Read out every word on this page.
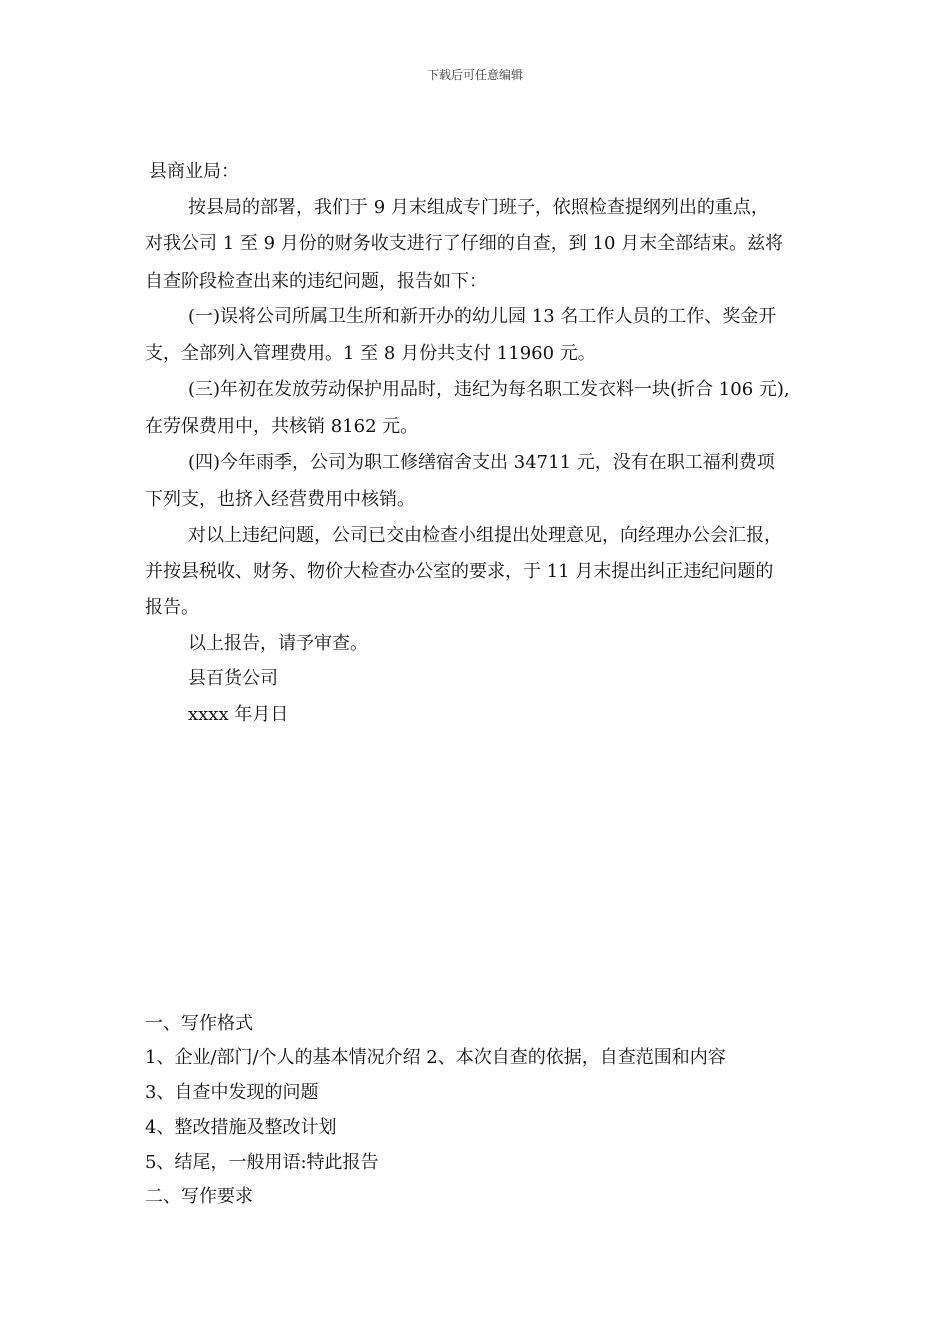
下载后可任意编辑
县商业局：
按县局的部署，我们于 9 月末组成专门班子，依照检查提纲列出的重点，
对我公司 1 至 9 月份的财务收支进行了仔细的自查，到 10 月末全部结束。兹将
自查阶段检查出来的违纪问题，报告如下：
(一)误将公司所属卫生所和新开办的幼儿园 13 名工作人员的工作、奖金开
支，全部列入管理费用。1 至 8 月份共支付 11960 元。
(三)年初在发放劳动保护用品时，违纪为每名职工发衣料一块(折合 106 元),
在劳保费用中，共核销 8162 元。
(四)今年雨季，公司为职工修缮宿舍支出 34711 元，没有在职工福利费项
下列支，也挤入经营费用中核销。
对以上违纪问题，公司已交由检查小组提出处理意见，向经理办公会汇报，
并按县税收、财务、物价大检查办公室的要求，于 11 月末提出纠正违纪问题的
报告。
以上报告，请予审查。
县百货公司
xxxx 年月日
一、写作格式
1、企业/部门/个人的基本情况介绍 2、本次自查的依据，自查范围和内容
3、自查中发现的问题
4、整改措施及整改计划
5、结尾，一般用语:特此报告
二、写作要求
